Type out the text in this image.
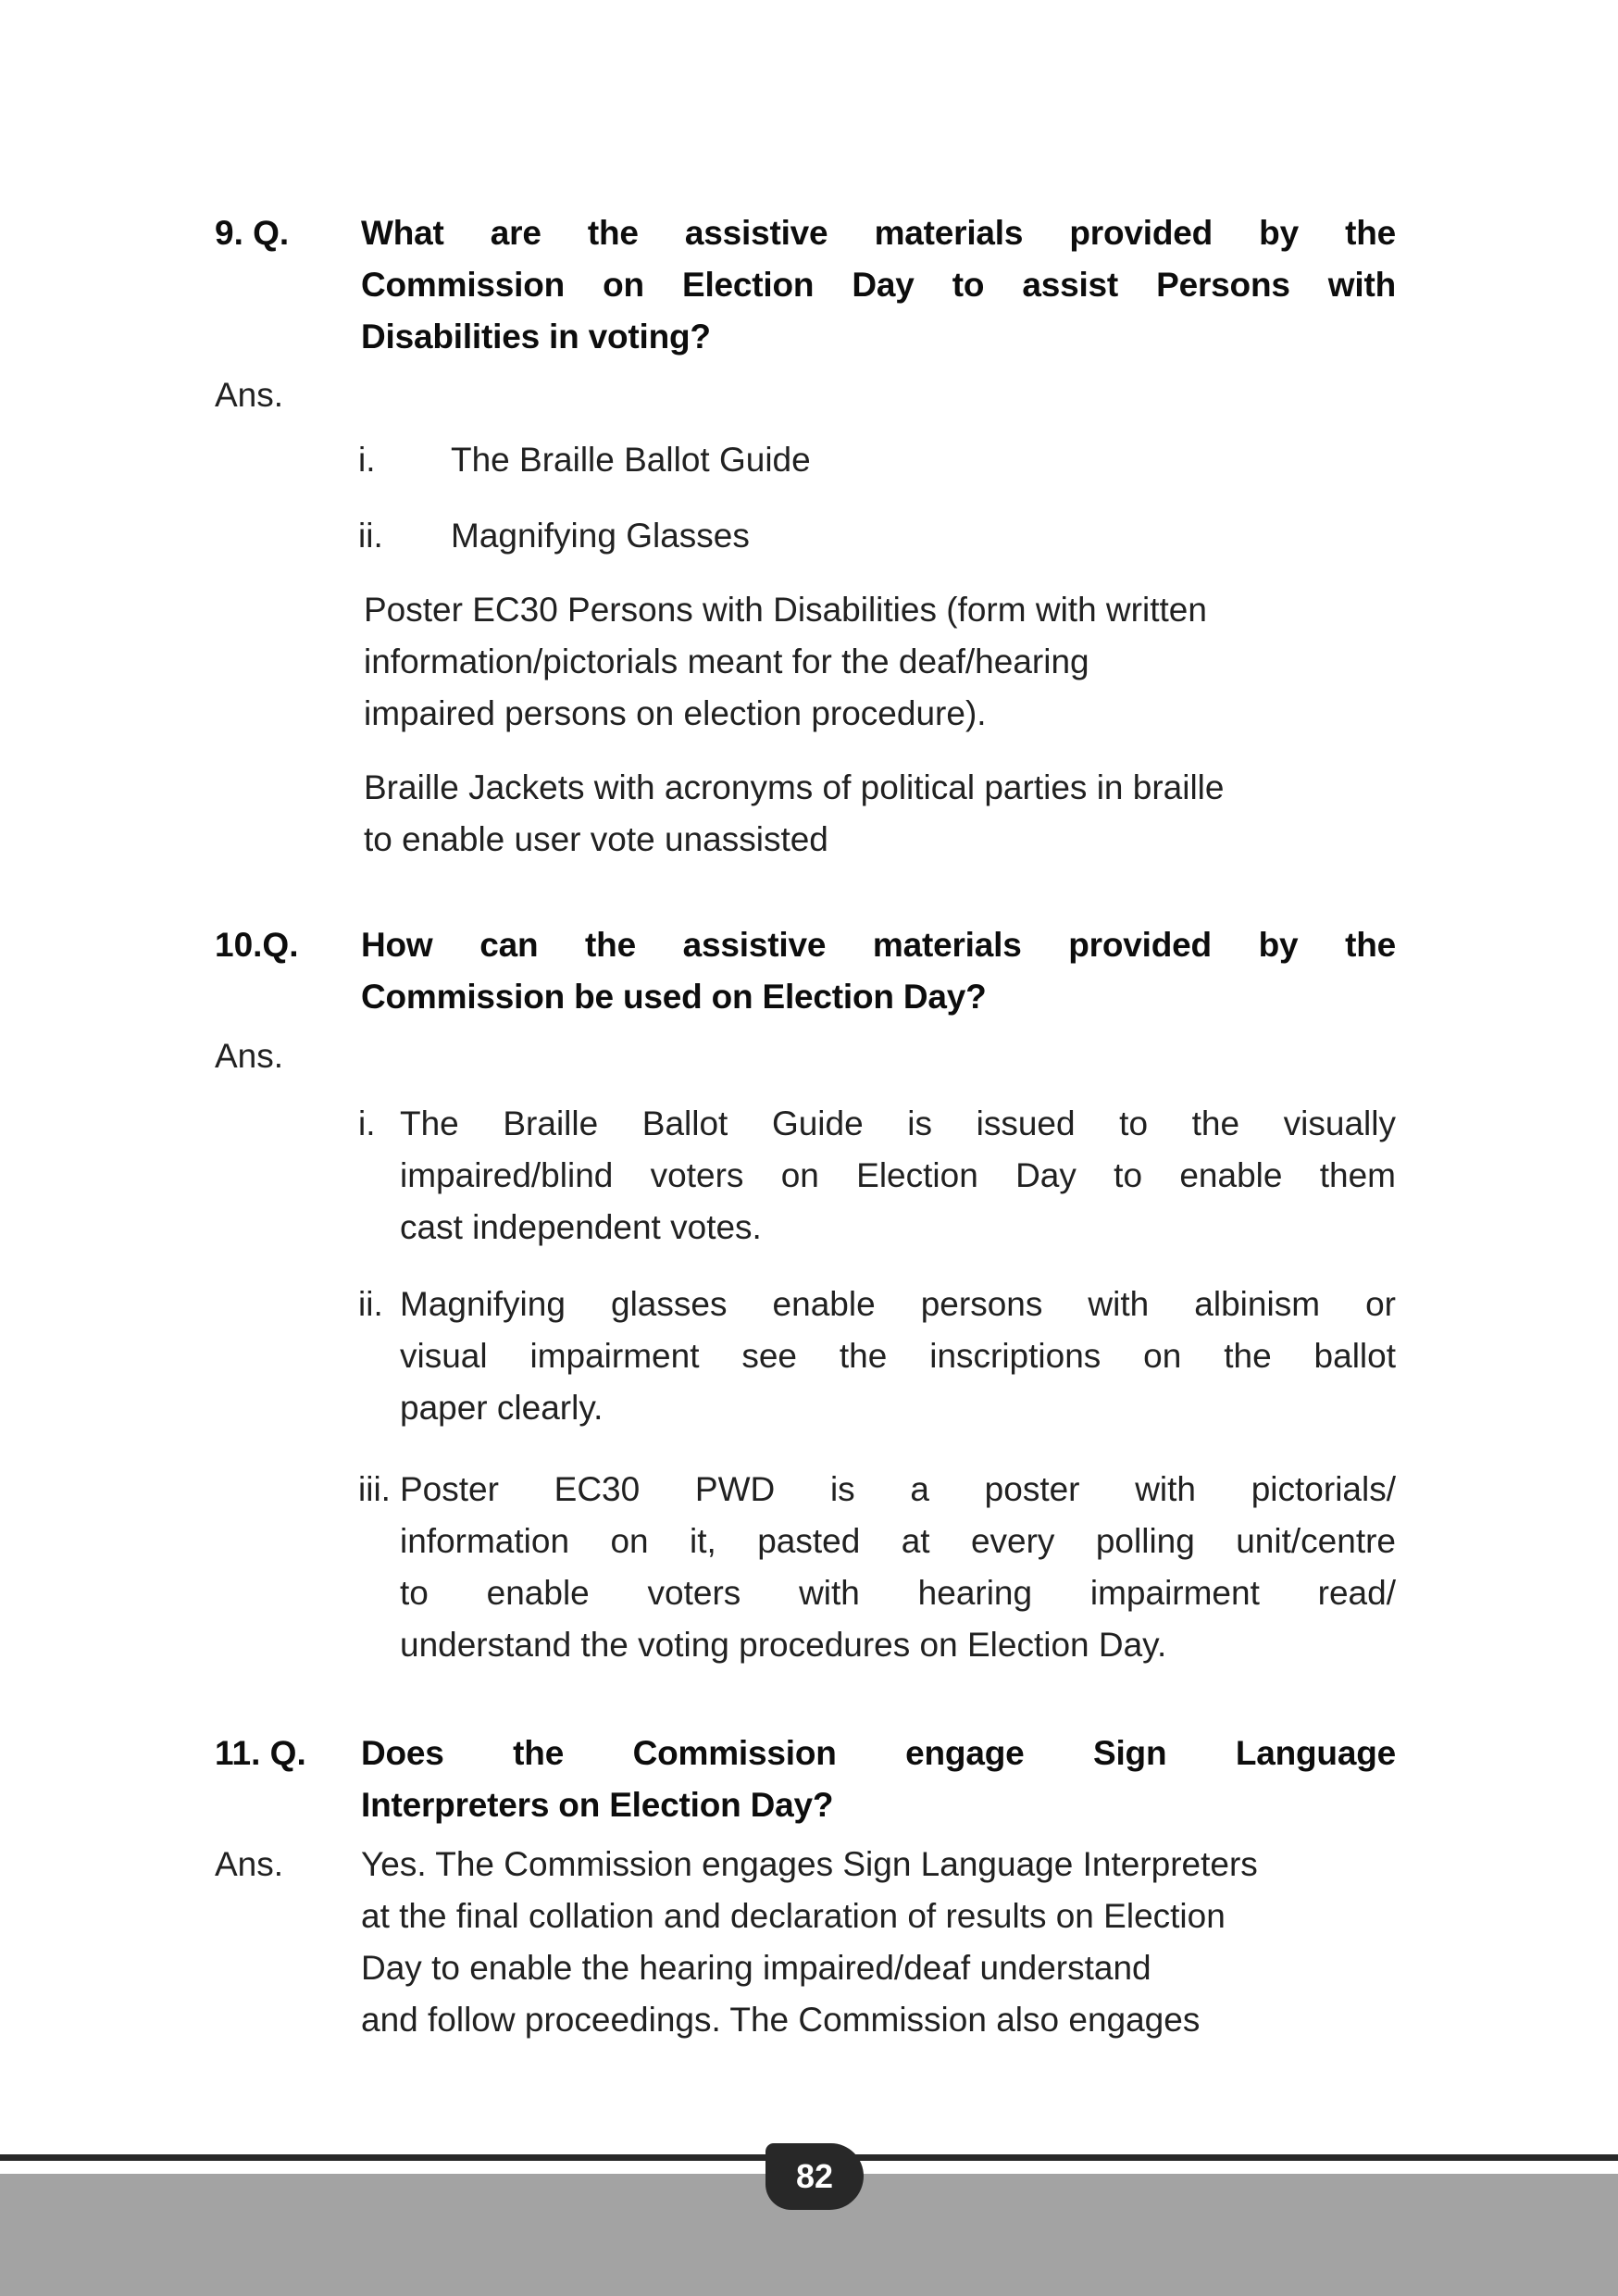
9. Q.	What are the assistive materials provided by the
Commission on Election Day to assist Persons with
Disabilities in voting?
Ans.
i.	The Braille Ballot Guide
ii.	Magnifying Glasses
Poster EC30 Persons with Disabilities (form with written
information/pictorials meant for the deaf/hearing
impaired persons on election procedure).
Braille Jackets with acronyms of political parties in braille
to enable user vote unassisted
10.Q.	How can the assistive materials provided by the
Commission be used on Election Day?
Ans.
i. The Braille Ballot Guide is issued to the visually
impaired/blind voters on Election Day to enable them
cast independent votes.
ii. Magnifying glasses enable persons with albinism or
visual impairment see the inscriptions on the ballot
paper clearly.
iii. Poster EC30 PWD is a poster with pictorials/
information on it, pasted at every polling unit/centre
to enable voters with hearing impairment read/
understand the voting procedures on Election Day.
11. Q.	Does the Commission engage Sign Language
Interpreters on Election Day?
Ans.	Yes. The Commission engages Sign Language Interpreters
at the final collation and declaration of results on Election
Day to enable the hearing impaired/deaf understand
and follow proceedings. The Commission also engages
82
